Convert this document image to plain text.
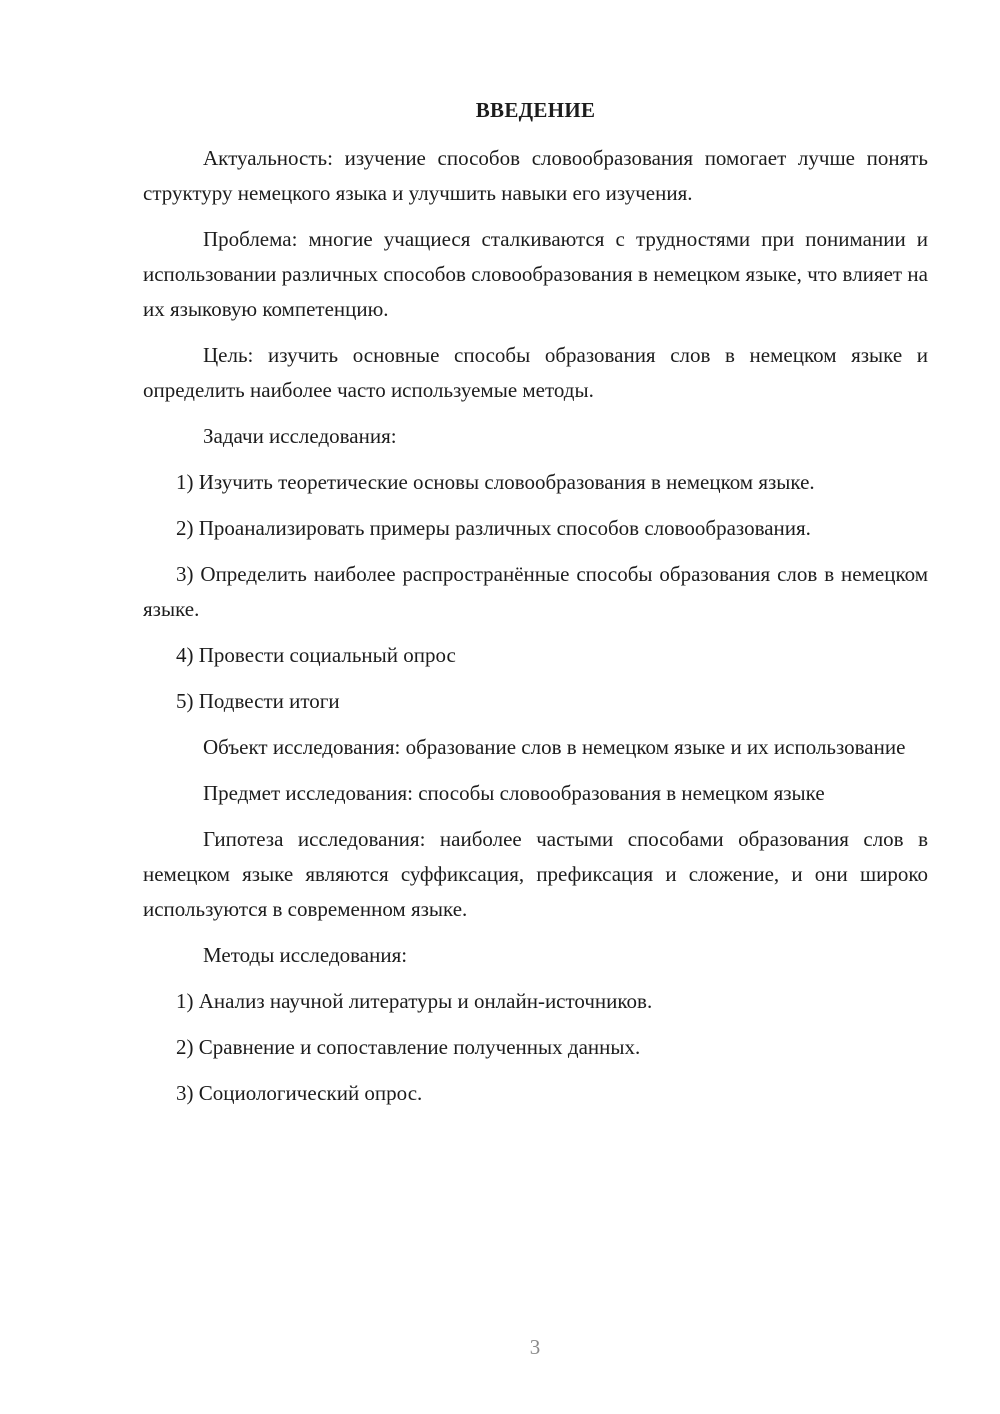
ВВЕДЕНИЕ

Актуальность: изучение способов словообразования помогает лучше понять структуру немецкого языка и улучшить навыки его изучения.

Проблема: многие учащиеся сталкиваются с трудностями при понимании и использовании различных способов словообразования в немецком языке, что влияет на их языковую компетенцию.

Цель: изучить основные способы образования слов в немецком языке и определить наиболее часто используемые методы.

Задачи исследования:

1) Изучить теоретические основы словообразования в немецком языке.

2) Проанализировать примеры различных способов словообразования.

3) Определить наиболее распространённые способы образования слов в немецком языке.

4) Провести социальный опрос

5) Подвести итоги

Объект исследования: образование слов в немецком языке и их использование

Предмет исследования: способы словообразования в немецком языке

Гипотеза исследования: наиболее частыми способами образования слов в немецком языке являются суффиксация, префиксация и сложение, и они широко используются в современном языке.

Методы исследования:

1) Анализ научной литературы и онлайн-источников.

2) Сравнение и сопоставление полученных данных.

3) Социологический опрос.

3
